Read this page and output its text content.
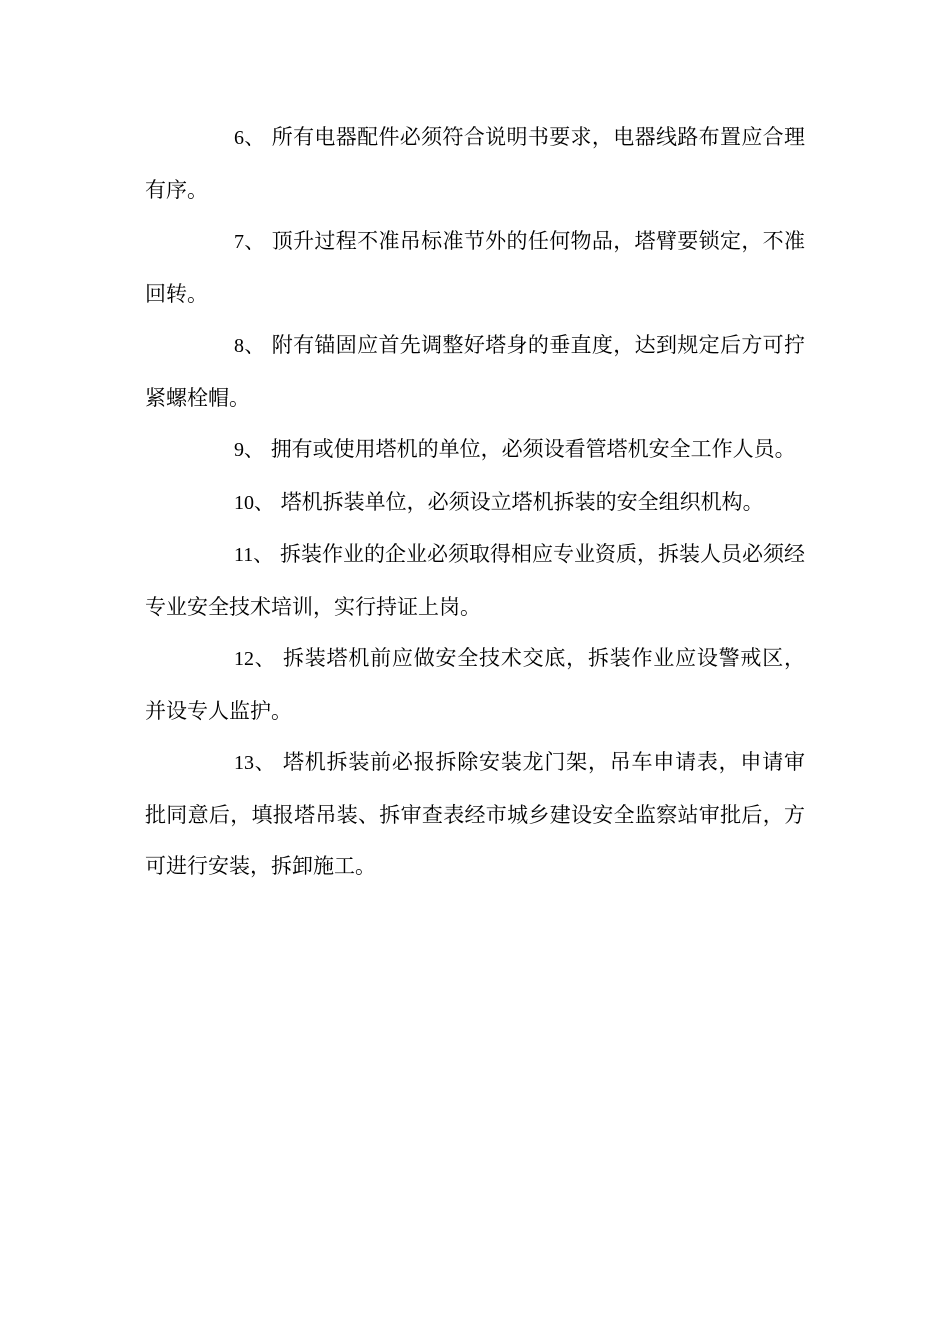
6、 所有电器配件必须符合说明书要求，电器线路布置应合理有序。

7、 顶升过程不准吊标准节外的任何物品，塔臂要锁定，不准回转。

8、 附有锚固应首先调整好塔身的垂直度，达到规定后方可拧紧螺栓帽。

9、 拥有或使用塔机的单位，必须设看管塔机安全工作人员。

10、 塔机拆装单位，必须设立塔机拆装的安全组织机构。

11、 拆装作业的企业必须取得相应专业资质，拆装人员必须经专业安全技术培训，实行持证上岗。

12、 拆装塔机前应做安全技术交底，拆装作业应设警戒区，并设专人监护。

13、 塔机拆装前必报拆除安装龙门架，吊车申请表，申请审批同意后，填报塔吊装、拆审查表经市城乡建设安全监察站审批后，方可进行安装，拆卸施工。
